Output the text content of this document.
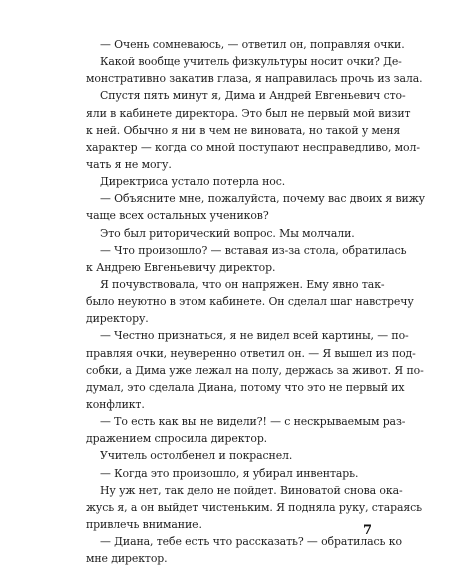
— Очень сомневаюсь, — ответил он, поправляя очки.
Какой вообще учитель физкультуры носит очки? Де-
монстративно закатив глаза, я направилась прочь из зала.
Спустя пять минут я, Дима и Андрей Евгеньевич сто-
яли в кабинете директора. Это был не первый мой визит
к ней. Обычно я ни в чем не виновата, но такой у меня
характер — когда со мной поступают несправедливо, мол-
чать я не могу.
Директриса устало потерла нос.
— Объясните мне, пожалуйста, почему вас двоих я вижу
чаще всех остальных учеников?
Это был риторический вопрос. Мы молчали.
— Что произошло? — вставая из-за стола, обратилась
к Андрею Евгеньевичу директор.
Я почувствовала, что он напряжен. Ему явно так-
было неуютно в этом кабинете. Он сделал шаг навстречу
директору.
— Честно признаться, я не видел всей картины, — по-
правляя очки, неуверенно ответил он. — Я вышел из под-
собки, а Дима уже лежал на полу, держась за живот. Я по-
думал, это сделала Диана, потому что это не первый их
конфликт.
— То есть как вы не видели?! — с нескрываемым раз-
дражением спросила директор.
Учитель остолбенел и покраснел.
— Когда это произошло, я убирал инвентарь.
Ну уж нет, так дело не пойдет. Виноватой снова ока-
жусь я, а он выйдет чистеньким. Я подняла руку, стараясь
привлечь внимание.
— Диана, тебе есть что рассказать? — обратилась ко
мне директор.
7
